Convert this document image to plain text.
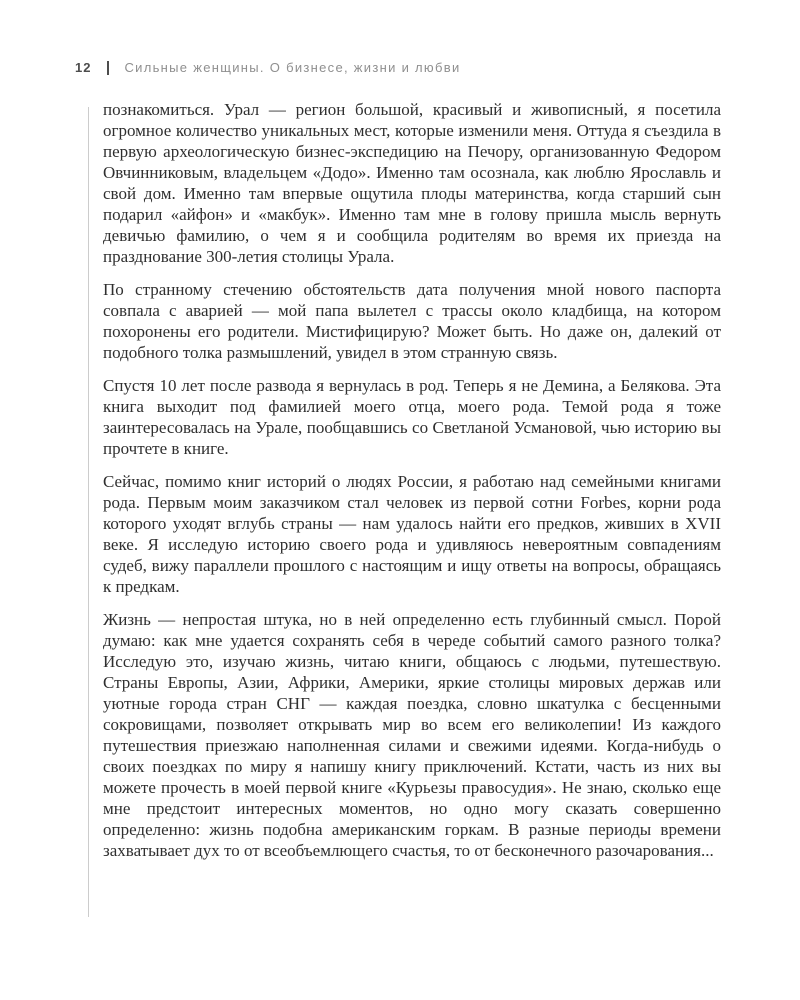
12	Сильные женщины. О бизнесе, жизни и любви

познакомиться. Урал — регион большой, красивый и живописный, я посетила огромное количество уникальных мест, которые изменили меня. Оттуда я съездила в первую археологическую бизнес-экспедицию на Печору, организованную Федором Овчинниковым, владельцем «Додо». Именно там осознала, как люблю Ярославль и свой дом. Именно там впервые ощутила плоды материнства, когда старший сын подарил «айфон» и «макбук». Именно там мне в голову пришла мысль вернуть девичью фамилию, о чем я и сообщила родителям во время их приезда на празднование 300-летия столицы Урала.

По странному стечению обстоятельств дата получения мной нового паспорта совпала с аварией — мой папа вылетел с трассы около кладбища, на котором похоронены его родители. Мистифицирую? Может быть. Но даже он, далекий от подобного толка размышлений, увидел в этом странную связь.

Спустя 10 лет после развода я вернулась в род. Теперь я не Демина, а Белякова. Эта книга выходит под фамилией моего отца, моего рода. Темой рода я тоже заинтересовалась на Урале, пообщавшись со Светланой Усмановой, чью историю вы прочтете в книге.

Сейчас, помимо книг историй о людях России, я работаю над семейными книгами рода. Первым моим заказчиком стал человек из первой сотни Forbes, корни рода которого уходят вглубь страны — нам удалось найти его предков, живших в XVII веке. Я исследую историю своего рода и удивляюсь невероятным совпадениям судеб, вижу параллели прошлого с настоящим и ищу ответы на вопросы, обращаясь к предкам.

Жизнь — непростая штука, но в ней определенно есть глубинный смысл. Порой думаю: как мне удается сохранять себя в череде событий самого разного толка? Исследую это, изучаю жизнь, читаю книги, общаюсь с людьми, путешествую. Страны Европы, Азии, Африки, Америки, яркие столицы мировых держав или уютные города стран СНГ — каждая поездка, словно шкатулка с бесценными сокровищами, позволяет открывать мир во всем его великолепии! Из каждого путешествия приезжаю наполненная силами и свежими идеями. Когда-нибудь о своих поездках по миру я напишу книгу приключений. Кстати, часть из них вы можете прочесть в моей первой книге «Курьезы правосудия». Не знаю, сколько еще мне предстоит интересных моментов, но одно могу сказать совершенно определенно: жизнь подобна американским горкам. В разные периоды времени захватывает дух то от всеобъемлющего счастья, то от бесконечного разочарования...
